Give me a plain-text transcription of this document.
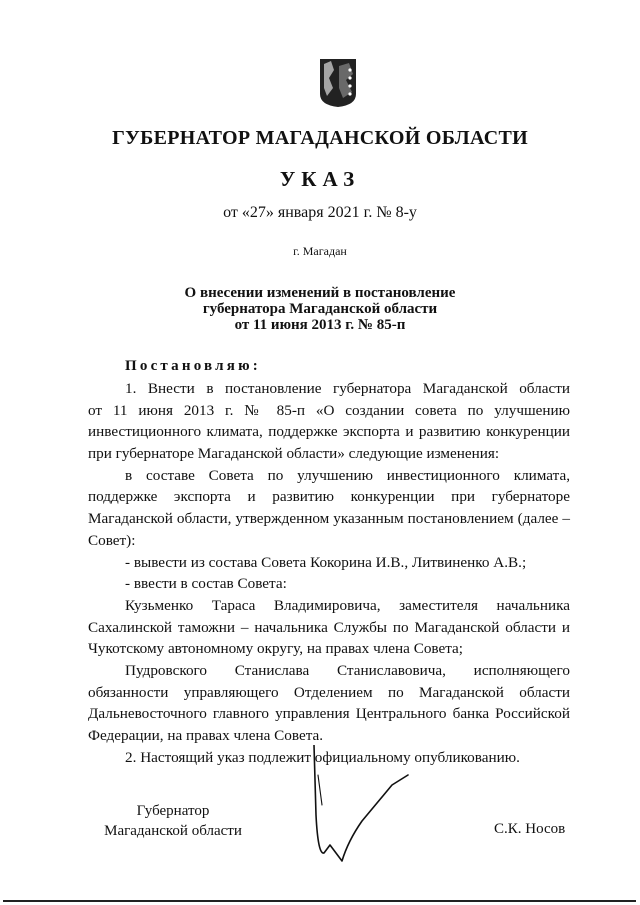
ГУБЕРНАТОР МАГАДАНСКОЙ ОБЛАСТИ
УКАЗ
от «27» января 2021 г. № 8-у
г. Магадан
О внесении изменений в постановление
губернатора Магаданской области
от 11 июня 2013 г. № 85-п
Постановляю:
1. Внести в постановление губернатора Магаданской области
от 11 июня 2013 г. № 85-п «О создании совета по улучшению
инвестиционного климата, поддержке экспорта и развитию конкуренции
при губернаторе Магаданской области» следующие изменения:
в составе Совета по улучшению инвестиционного климата,
поддержке экспорта и развитию конкуренции при губернаторе
Магаданской области, утвержденном указанным постановлением (далее –
Совет):
- вывести из состава Совета Кокорина И.В., Литвиненко А.В.;
- ввести в состав Совета:
Кузьменко Тараса Владимировича, заместителя начальника
Сахалинской таможни – начальника Службы по Магаданской области и
Чукотскому автономному округу, на правах члена Совета;
Пудровского Станислава Станиславовича, исполняющего
обязанности управляющего Отделением по Магаданской области
Дальневосточного главного управления Центрального банка Российской
Федерации, на правах члена Совета.
2. Настоящий указ подлежит официальному опубликованию.
Губернатор
Магаданской области	С.К. Носов
